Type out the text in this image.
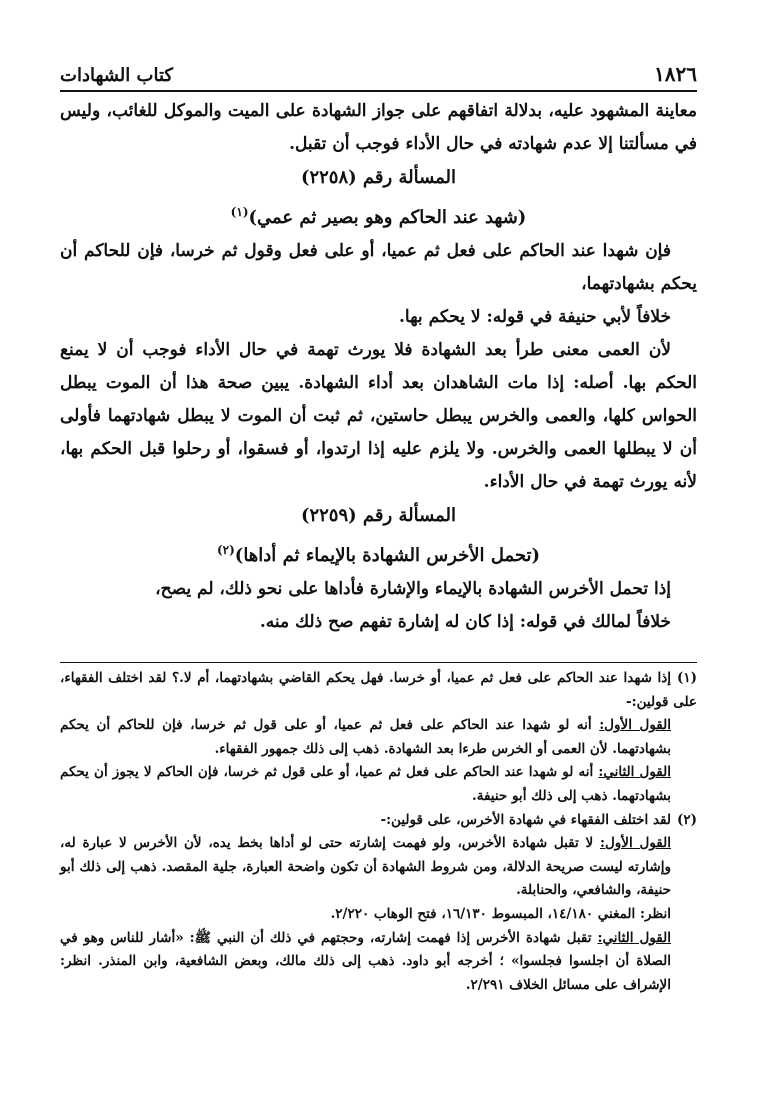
١٨٢٦
كتاب الشهادات

معاينة المشهود عليه، بدلالة اتفاقهم على جواز الشهادة على الميت والموكل للغائب، وليس في مسألتنا إلا عدم شهادته في حال الأداء فوجب أن تقبل.

المسألة رقم (٢٢٥٨)

(شهد عند الحاكم وهو بصير ثم عمي)$^{(١)}$

فإن شهدا عند الحاكم على فعل ثم عميا، أو على فعل وقول ثم خرسا، فإن للحاكم أن يحكم بشهادتهما،

خلافاً لأبي حنيفة في قوله: لا يحكم بها.

لأن العمى معنى طرأ بعد الشهادة فلا يورث تهمة في حال الأداء فوجب أن لا يمنع الحكم بها. أصله: إذا مات الشاهدان بعد أداء الشهادة. يبين صحة هذا أن الموت يبطل الحواس كلها، والعمى والخرس يبطل حاستين، ثم ثبت أن الموت لا يبطل شهادتهما فأولى أن لا يبطلها العمى والخرس. ولا يلزم عليه إذا ارتدوا، أو فسقوا، أو رحلوا قبل الحكم بها، لأنه يورث تهمة في حال الأداء.

المسألة رقم (٢٢٥٩)

(تحمل الأخرس الشهادة بالإيماء ثم أداها)$^{(٢)}$

إذا تحمل الأخرس الشهادة بالإيماء والإشارة فأداها على نحو ذلك، لم يصح،

خلافاً لمالك في قوله: إذا كان له إشارة تفهم صح ذلك منه.

(١)إذا شهدا عند الحاكم على فعل ثم عميا، أو خرسا. فهل يحكم القاضي بشهادتهما، أم لا.؟ لقد اختلف الفقهاء، على قولين:-

القول الأول: أنه لو شهدا عند الحاكم على فعل ثم عميا، أو على قول ثم خرسا، فإن للحاكم أن يحكم بشهادتهما. لأن العمى أو الخرس طرءا بعد الشهادة. ذهب إلى ذلك جمهور الفقهاء.

القول الثاني: أنه لو شهدا عند الحاكم على فعل ثم عميا، أو على قول ثم خرسا، فإن الحاكم لا يجوز أن يحكم بشهادتهما. ذهب إلى ذلك أبو حنيفة.

(٢)لقد اختلف الفقهاء في شهادة الأخرس، على قولين:-

القول الأول: لا تقبل شهادة الأخرس، ولو فهمت إشارته حتى لو أداها بخط يده، لأن الأخرس لا عبارة له، وإشارته ليست صريحة الدلالة، ومن شروط الشهادة أن تكون واضحة العبارة، جلية المقصد. ذهب إلى ذلك أبو حنيفة، والشافعي، والحنابلة.

انظر: المغني ١٤/١٨٠، المبسوط ١٦/١٣٠، فتح الوهاب ٢/٢٢٠.

القول الثاني: تقبل شهادة الأخرس إذا فهمت إشارته، وحجتهم في ذلك أن النبي ﷺ: «أشار للناس وهو في الصلاة أن اجلسوا فجلسوا» ؛ أخرجه أبو داود. ذهب إلى ذلك مالك، وبعض الشافعية، وابن المنذر. انظر: الإشراف على مسائل الخلاف ٢/٢٩١.
